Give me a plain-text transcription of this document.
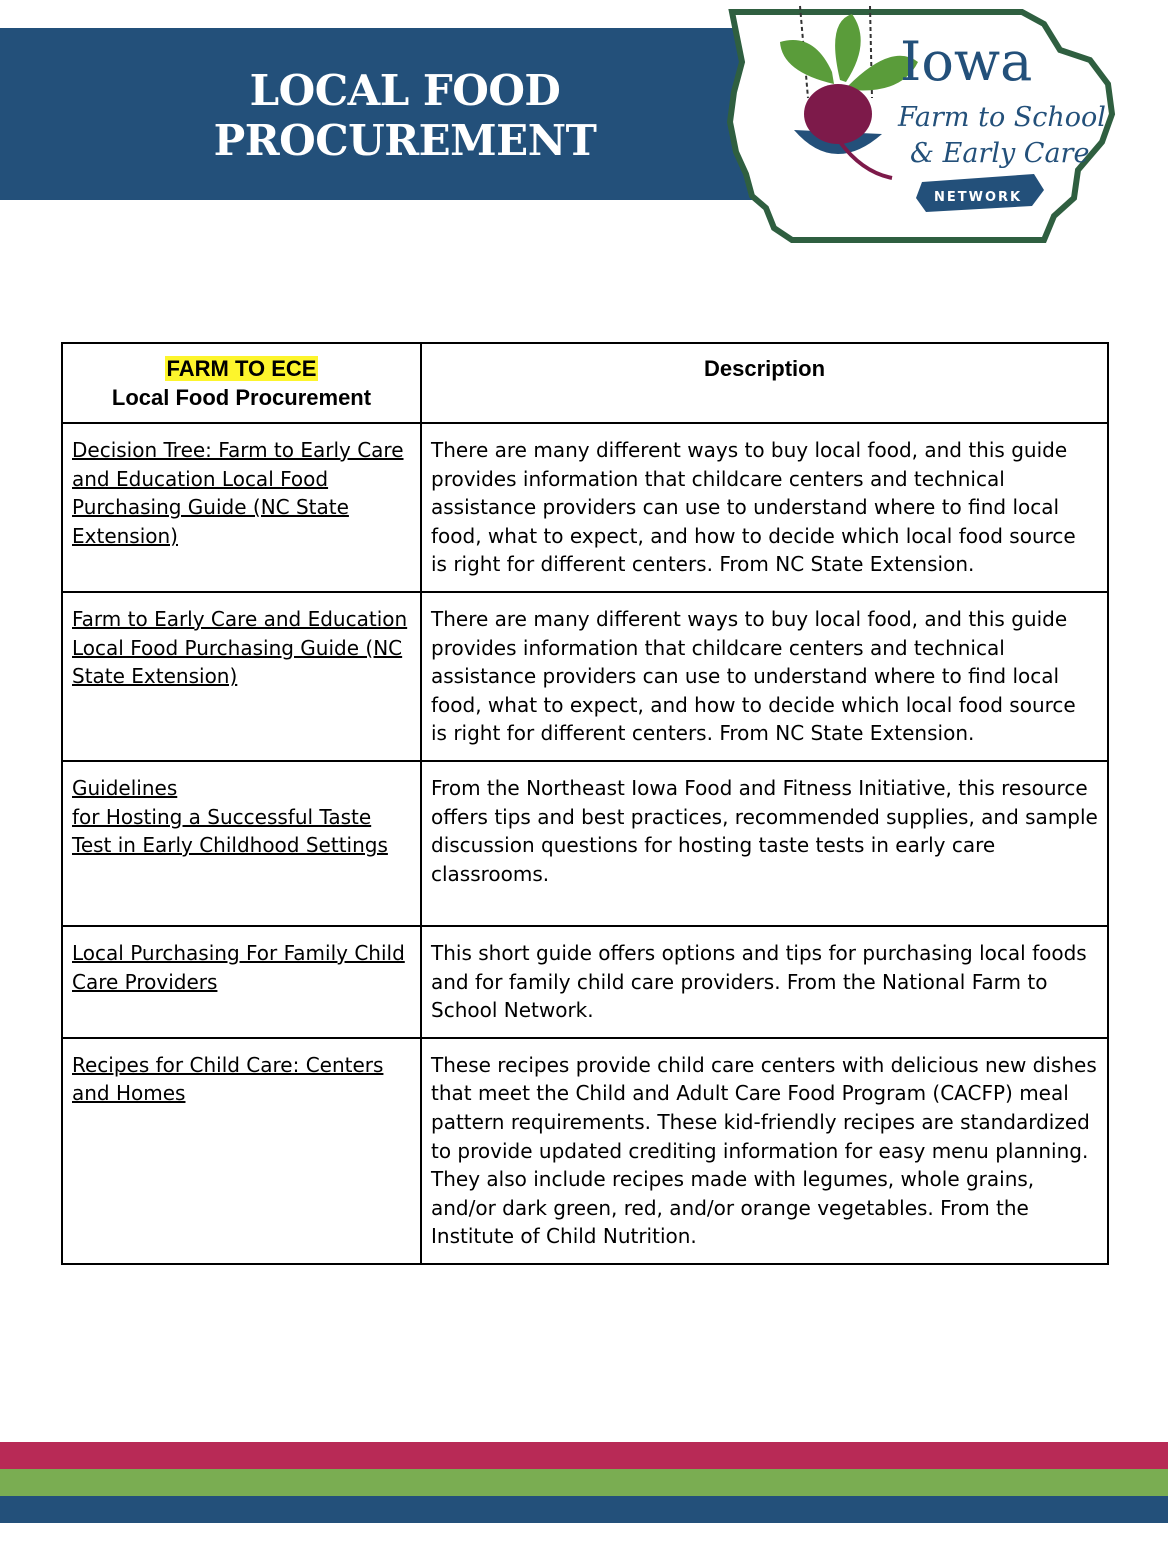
LOCAL FOOD
PROCUREMENT
Iowa
Farm to School
& Early Care
NETWORK
FARM TO ECE
Local Food Procurement	Description
Decision Tree: Farm to Early Care and Education Local Food Purchasing Guide (NC State Extension)	There are many different ways to buy local food, and this guide provides information that childcare centers and technical assistance providers can use to understand where to find local food, what to expect, and how to decide which local food source is right for different centers. From NC State Extension.
Farm to Early Care and Education Local Food Purchasing Guide (NC State Extension)	There are many different ways to buy local food, and this guide provides information that childcare centers and technical assistance providers can use to understand where to find local food, what to expect, and how to decide which local food source is right for different centers. From NC State Extension.
Guidelines
for Hosting a Successful Taste Test in Early Childhood Settings	From the Northeast Iowa Food and Fitness Initiative, this resource offers tips and best practices, recommended supplies, and sample discussion questions for hosting taste tests in early care classrooms.
Local Purchasing For Family Child Care Providers	This short guide offers options and tips for purchasing local foods and for family child care providers. From the National Farm to School Network.
Recipes for Child Care: Centers and Homes	These recipes provide child care centers with delicious new dishes that meet the Child and Adult Care Food Program (CACFP) meal pattern requirements. These kid-friendly recipes are standardized to provide updated crediting information for easy menu planning. They also include recipes made with legumes, whole grains, and/or dark green, red, and/or orange vegetables. From the Institute of Child Nutrition.
